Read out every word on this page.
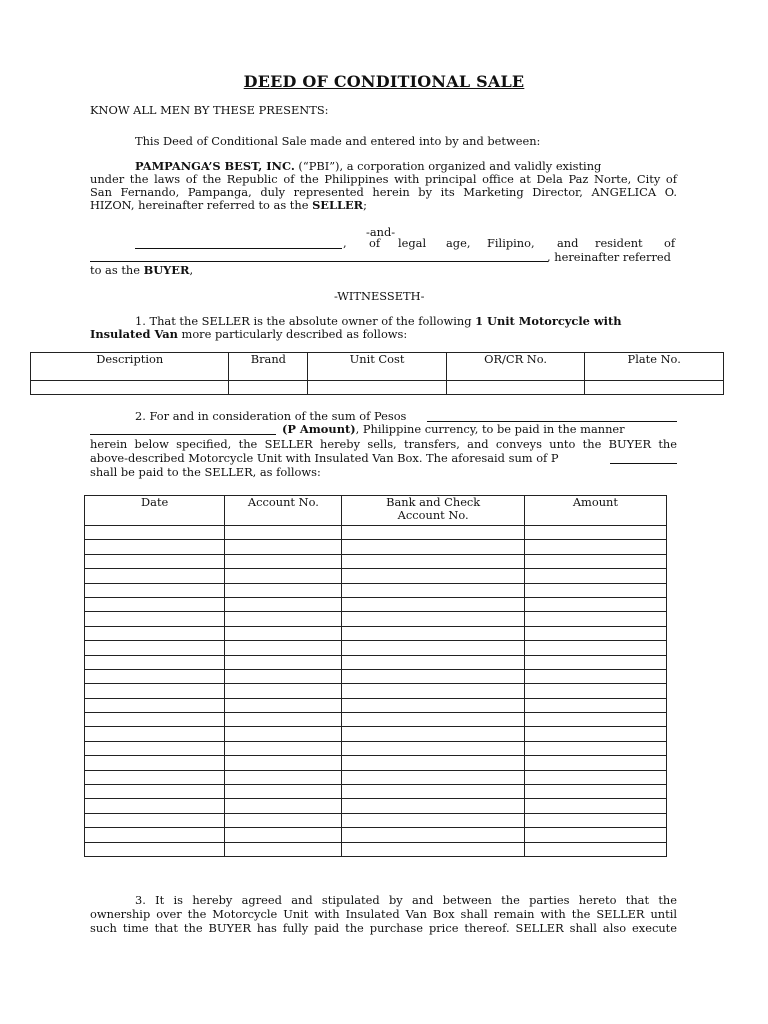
DEED OF CONDITIONAL SALE
KNOW ALL MEN BY THESE PRESENTS:
This Deed of Conditional Sale made and entered into by and between:
PAMPANGA’S BEST, INC. (“PBI”), a corporation organized and validly existing
under the laws of the Republic of the Philippines with principal office at Dela Paz Norte, City of
San Fernando, Pampanga, duly represented herein by its Marketing Director, ANGELICA O.
HIZON, hereinafter referred to as the SELLER;
-and-
, of legal age, Filipino, and resident of
, hereinafter referred
to as the BUYER,
-WITNESSETH-
1. That the SELLER is the absolute owner of the following 1 Unit Motorcycle with
Insulated Van more particularly described as follows:
Description	Brand	Unit Cost	OR/CR No.	Plate No.

2. For and in consideration of the sum of Pesos
(P Amount), Philippine currency, to be paid in the manner
herein below specified, the SELLER hereby sells, transfers, and conveys unto the BUYER the
above-described Motorcycle Unit with Insulated Van Box. The aforesaid sum of P
shall be paid to the SELLER, as follows:
Date	Account No.	Bank and Check Account No.	Amount

3. It is hereby agreed and stipulated by and between the parties hereto that the
ownership over the Motorcycle Unit with Insulated Van Box shall remain with the SELLER until
such time that the BUYER has fully paid the purchase price thereof. SELLER shall also execute
